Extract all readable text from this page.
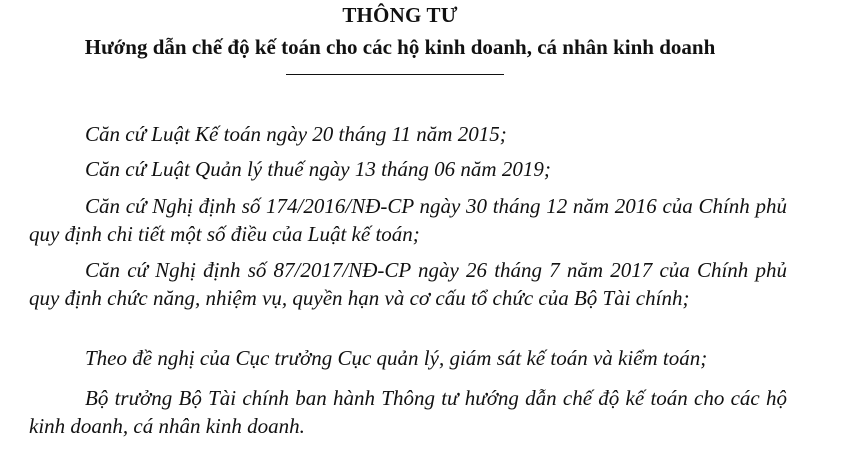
THÔNG TƯ
Hướng dẫn chế độ kế toán cho các hộ kinh doanh, cá nhân kinh doanh

Căn cứ Luật Kế toán ngày 20 tháng 11 năm 2015;

Căn cứ Luật Quản lý thuế ngày 13 tháng 06 năm 2019;

Căn cứ Nghị định số 174/2016/NĐ-CP ngày 30 tháng 12 năm 2016 của Chính phủ quy định chi tiết một số điều của Luật kế toán;

Căn cứ Nghị định số 87/2017/NĐ-CP ngày 26 tháng 7 năm 2017 của Chính phủ quy định chức năng, nhiệm vụ, quyền hạn và cơ cấu tổ chức của Bộ Tài chính;

Theo đề nghị của Cục trưởng Cục quản lý, giám sát kế toán và kiểm toán;

Bộ trưởng Bộ Tài chính ban hành Thông tư hướng dẫn chế độ kế toán cho các hộ kinh doanh, cá nhân kinh doanh.
